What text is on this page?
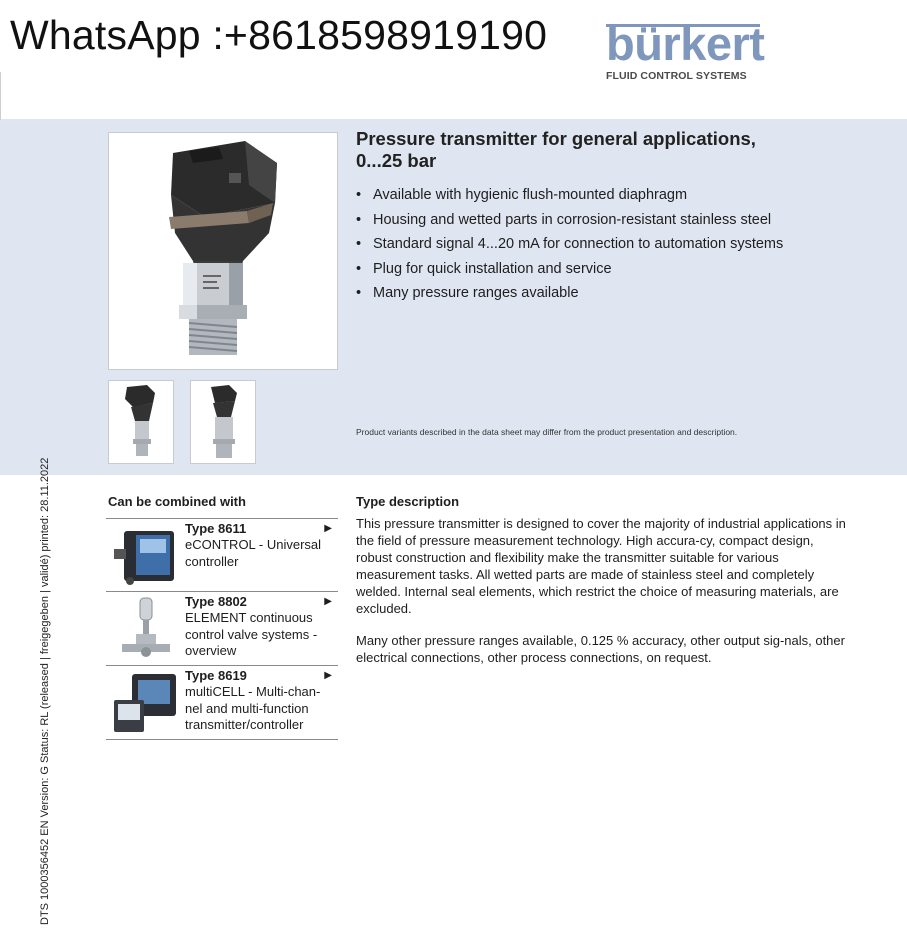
WhatsApp :+8618598919190 bürkert
FLUID CONTROL SYSTEMS
DTS 1000356452 EN Version: G Status: RL (released | freigegeben | validé) printed: 28.11.2022
Pressure transmitter for general applications,
0...25 bar
• Available with hygienic flush-mounted diaphragm
• Housing and wetted parts in corrosion-resistant stainless steel
• Standard signal 4...20 mA for connection to automation systems
• Plug for quick installation and service
• Many pressure ranges available
Product variants described in the data sheet may differ from the product presentation and description.
Can be combined with
Type 8611	▶
eCONTROL - Universal controller
Type 8802	▶
ELEMENT continuous control valve systems - overview
Type 8619	▶
multiCELL - Multi-chan-nel and multi-function transmitter/controller
Type description

This pressure transmitter is designed to cover the majority of industrial applications in the field of pressure measurement technology. High accura-cy, compact design, robust construction and flexibility make the transmitter suitable for various measurement tasks. All wetted parts are made of stainless steel and completely welded. Internal seal elements, which restrict the choice of measuring materials, are excluded.

Many other pressure ranges available, 0.125 % accuracy, other output sig-nals, other electrical connections, other process connections, on request.
